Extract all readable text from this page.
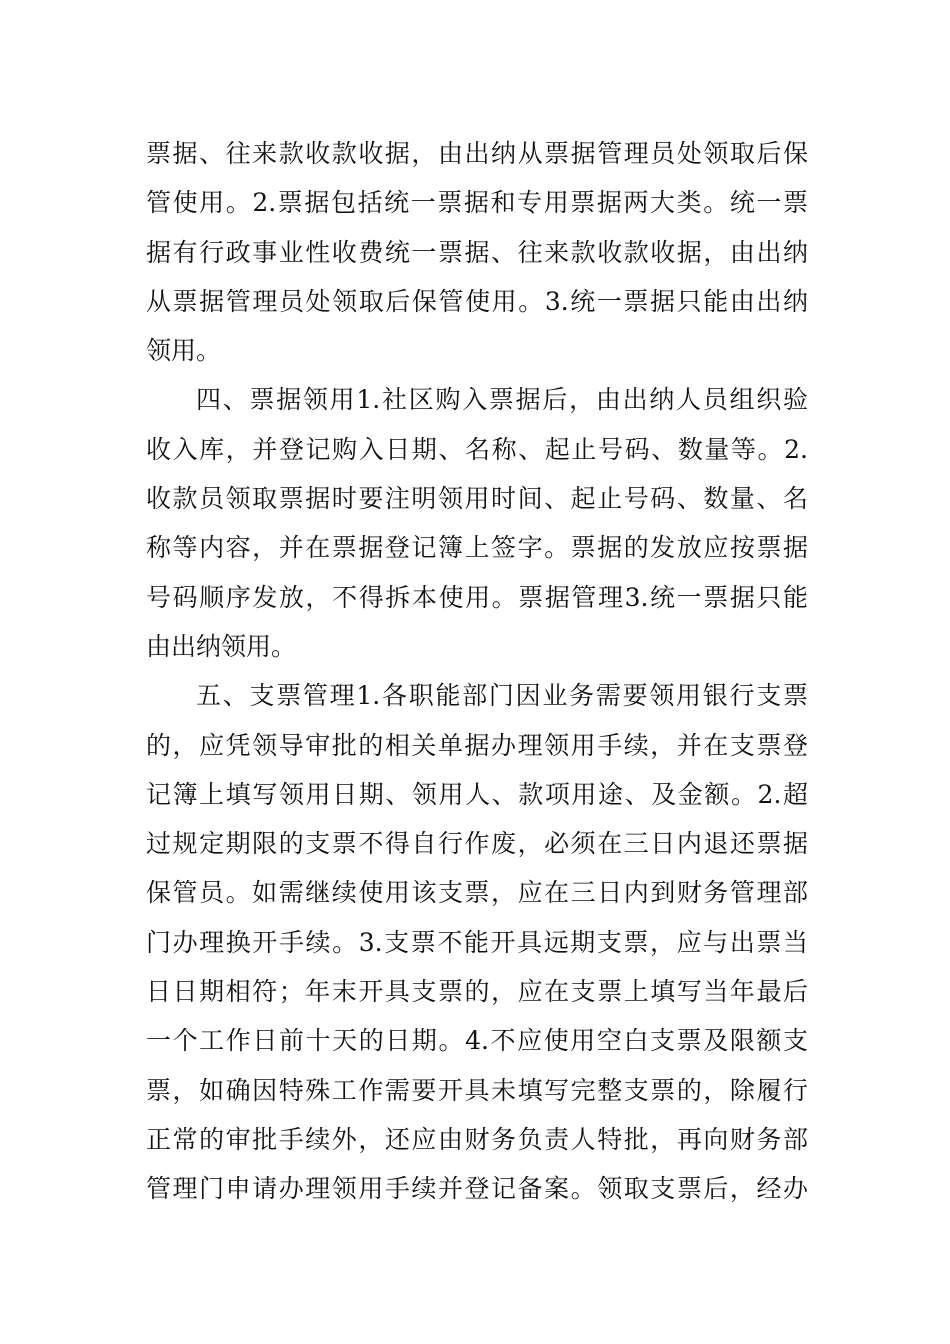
票据、往来款收款收据，由出纳从票据管理员处领取后保
管使用。2.票据包括统一票据和专用票据两大类。统一票
据有行政事业性收费统一票据、往来款收款收据，由出纳
从票据管理员处领取后保管使用。3.统一票据只能由出纳
领用。
四、票据领用1.社区购入票据后，由出纳人员组织验
收入库，并登记购入日期、名称、起止号码、数量等。2.
收款员领取票据时要注明领用时间、起止号码、数量、名
称等内容，并在票据登记簿上签字。票据的发放应按票据
号码顺序发放，不得拆本使用。票据管理3.统一票据只能
由出纳领用。
五、支票管理1.各职能部门因业务需要领用银行支票
的，应凭领导审批的相关单据办理领用手续，并在支票登
记簿上填写领用日期、领用人、款项用途、及金额。2.超
过规定期限的支票不得自行作废，必须在三日内退还票据
保管员。如需继续使用该支票，应在三日内到财务管理部
门办理换开手续。3.支票不能开具远期支票，应与出票当
日日期相符；年末开具支票的，应在支票上填写当年最后
一个工作日前十天的日期。4.不应使用空白支票及限额支
票，如确因特殊工作需要开具未填写完整支票的，除履行
正常的审批手续外，还应由财务负责人特批，再向财务部
管理门申请办理领用手续并登记备案。领取支票后，经办
